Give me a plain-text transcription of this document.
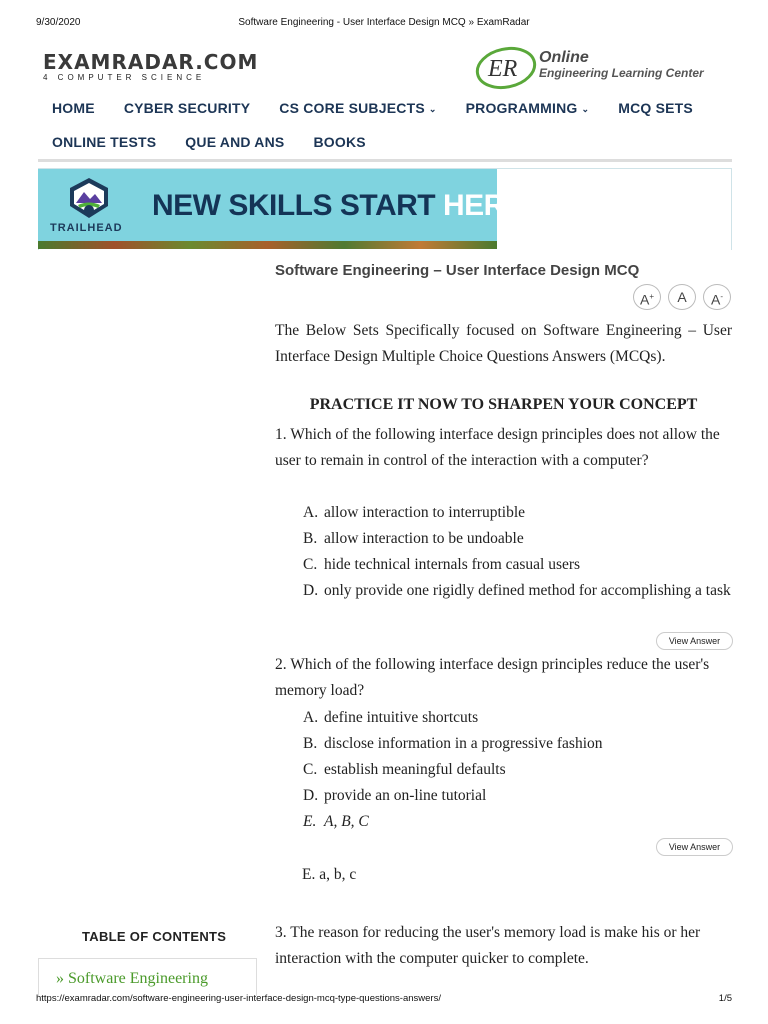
9/30/2020	Software Engineering - User Interface Design MCQ » ExamRadar
EXAMRADAR.COM
4 COMPUTER SCIENCE	ER Online
Engineering Learning Center
HOME CYBER SECURITY CS CORE SUBJECTS ⌄ PROGRAMMING ⌄ MCQ SETS
ONLINE TESTS QUE AND ANS BOOKS
TRAILHEAD
NEW SKILLS START HER
Software Engineering – User Interface Design MCQ
A+	A	A-

The Below Sets Specifically focused on Software Engineering – User Interface Design Multiple Choice Questions Answers (MCQs).

PRACTICE IT NOW TO SHARPEN YOUR CONCEPT

1. Which of the following interface design principles does not allow the user to remain in control of the interaction with a computer?

A. allow interaction to interruptible
B. allow interaction to be undoable
C. hide technical internals from casual users
D. only provide one rigidly defined method for accomplishing a task
View Answer

2. Which of the following interface design principles reduce the user's memory load?

A. define intuitive shortcuts
B. disclose information in a progressive fashion
C. establish meaningful defaults
D. provide an on-line tutorial
E. A, B, C
View Answer
E. a, b, c

3. The reason for reducing the user's memory load is make his or her interaction with the computer quicker to complete.

TABLE OF CONTENTS
» Software Engineering
https://examradar.com/software-engineering-user-interface-design-mcq-type-questions-answers/	1/5
